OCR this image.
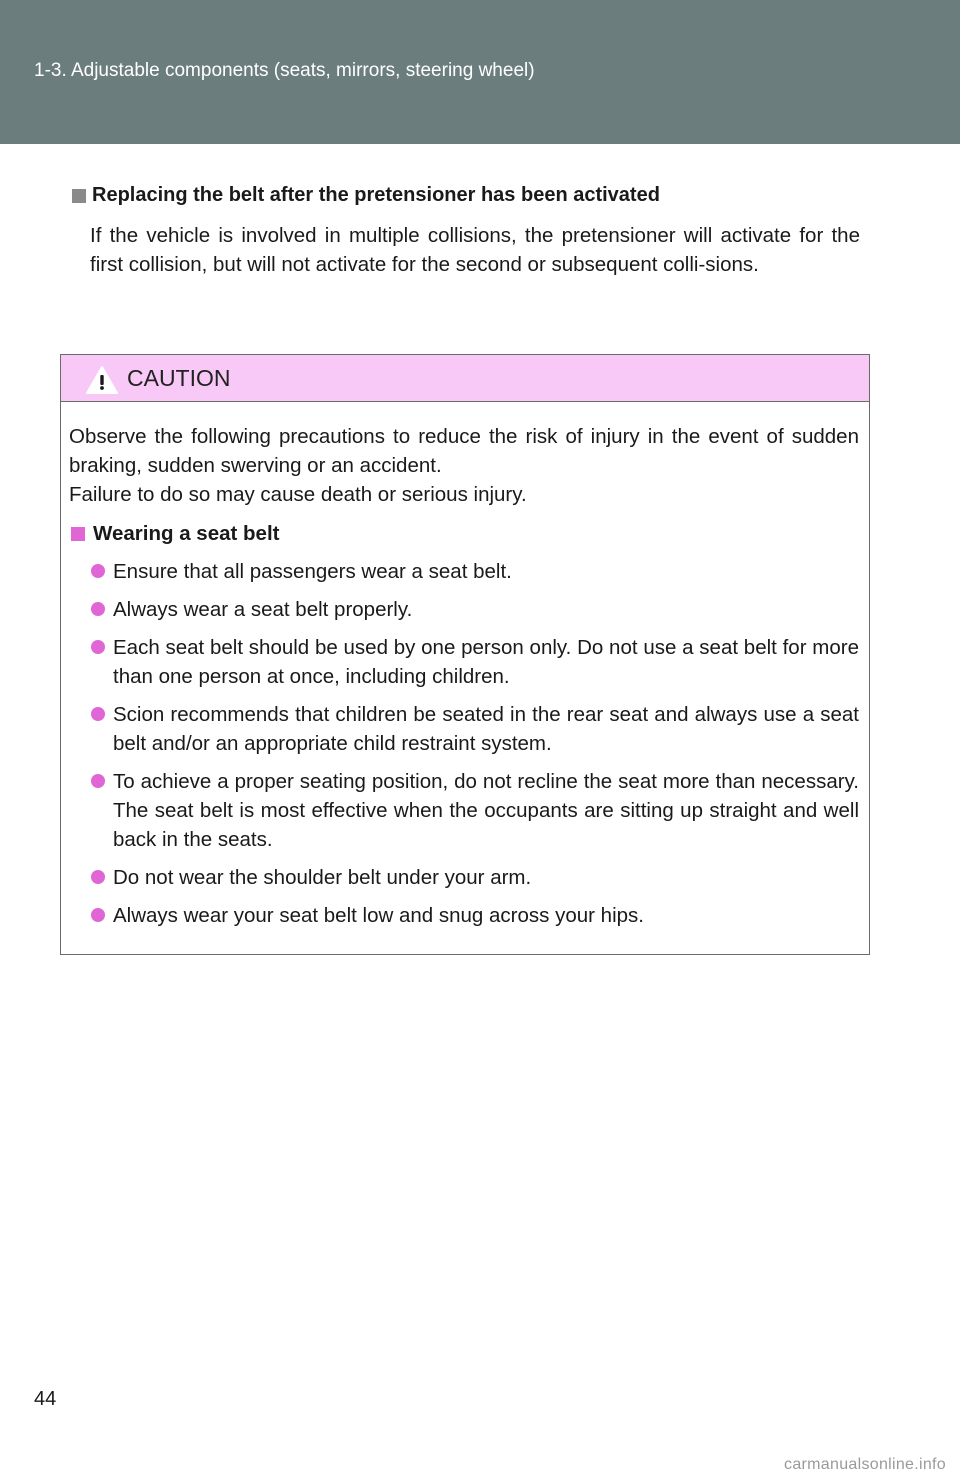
1-3. Adjustable components (seats, mirrors, steering wheel)
Replacing the belt after the pretensioner has been activated
If the vehicle is involved in multiple collisions, the pretensioner will activate for the first collision, but will not activate for the second or subsequent colli-sions.
CAUTION
Observe the following precautions to reduce the risk of injury in the event of sudden braking, sudden swerving or an accident.
Failure to do so may cause death or serious injury.
Wearing a seat belt
Ensure that all passengers wear a seat belt.
Always wear a seat belt properly.
Each seat belt should be used by one person only. Do not use a seat belt for more than one person at once, including children.
Scion recommends that children be seated in the rear seat and always use a seat belt and/or an appropriate child restraint system.
To achieve a proper seating position, do not recline the seat more than necessary. The seat belt is most effective when the occupants are sitting up straight and well back in the seats.
Do not wear the shoulder belt under your arm.
Always wear your seat belt low and snug across your hips.
44
carmanualsonline.info
